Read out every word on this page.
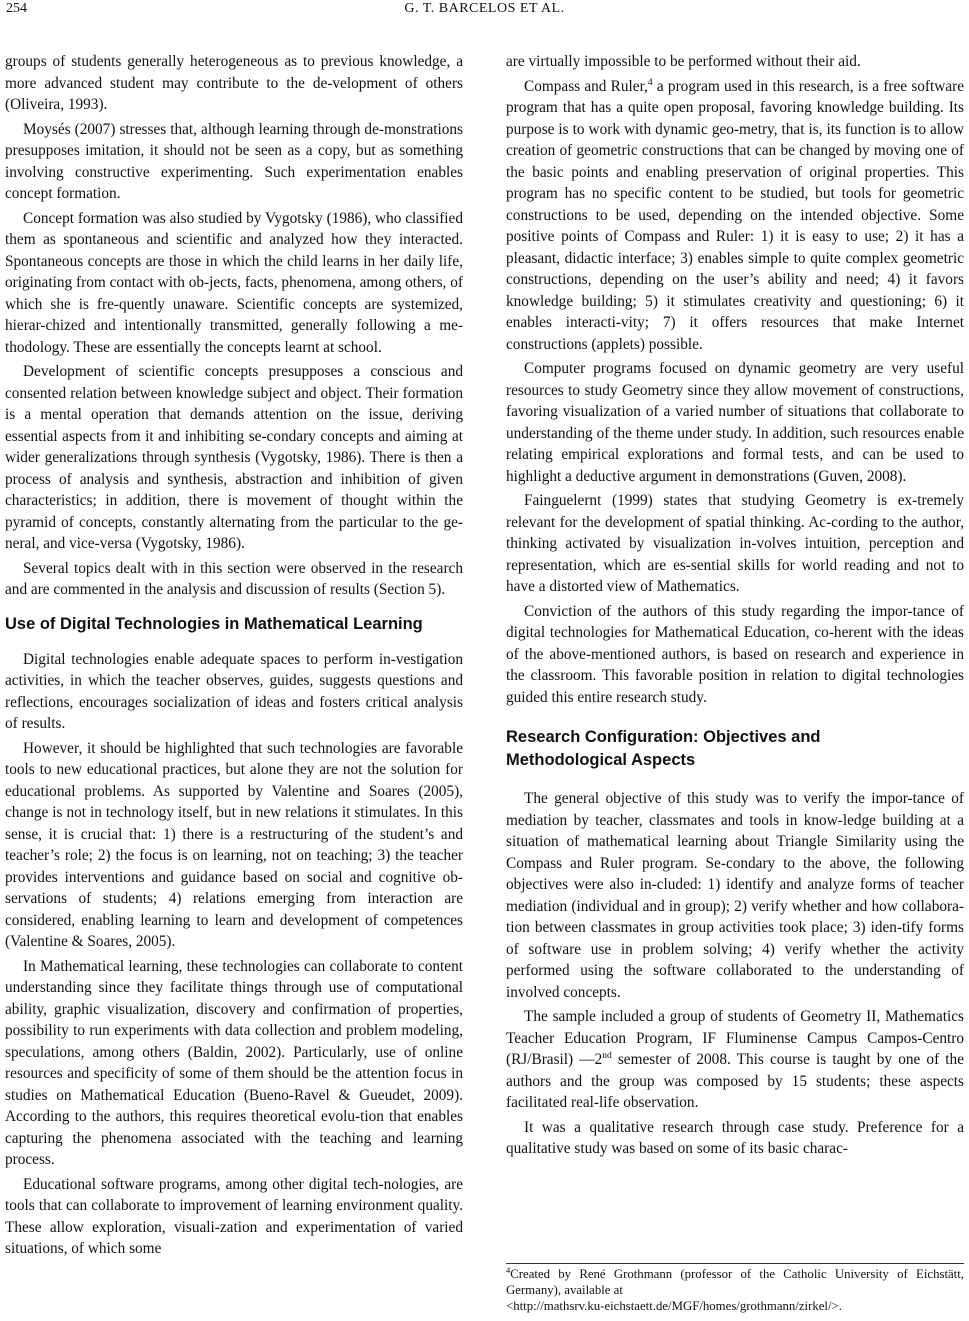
254	G. T. BARCELOS ET AL.

groups of students generally heterogeneous as to previous knowledge, a more advanced student may contribute to the de-velopment of others (Oliveira, 1993).

Moysés (2007) stresses that, although learning through de-monstrations presupposes imitation, it should not be seen as a copy, but as something involving constructive experimenting. Such experimentation enables concept formation.

Concept formation was also studied by Vygotsky (1986), who classified them as spontaneous and scientific and analyzed how they interacted. Spontaneous concepts are those in which the child learns in her daily life, originating from contact with ob-jects, facts, phenomena, among others, of which she is fre-quently unaware. Scientific concepts are systemized, hierar-chized and intentionally transmitted, generally following a me-thodology. These are essentially the concepts learnt at school.

Development of scientific concepts presupposes a conscious and consented relation between knowledge subject and object. Their formation is a mental operation that demands attention on the issue, deriving essential aspects from it and inhibiting se-condary concepts and aiming at wider generalizations through synthesis (Vygotsky, 1986). There is then a process of analysis and synthesis, abstraction and inhibition of given characteristics; in addition, there is movement of thought within the pyramid of concepts, constantly alternating from the particular to the ge-neral, and vice-versa (Vygotsky, 1986).

Several topics dealt with in this section were observed in the research and are commented in the analysis and discussion of results (Section 5).

Use of Digital Technologies in Mathematical Learning

Digital technologies enable adequate spaces to perform in-vestigation activities, in which the teacher observes, guides, suggests questions and reflections, encourages socialization of ideas and fosters critical analysis of results.

However, it should be highlighted that such technologies are favorable tools to new educational practices, but alone they are not the solution for educational problems. As supported by Valentine and Soares (2005), change is not in technology itself, but in new relations it stimulates. In this sense, it is crucial that: 1) there is a restructuring of the student’s and teacher’s role; 2) the focus is on learning, not on teaching; 3) the teacher provides interventions and guidance based on social and cognitive ob-servations of students; 4) relations emerging from interaction are considered, enabling learning to learn and development of competences (Valentine & Soares, 2005).

In Mathematical learning, these technologies can collaborate to content understanding since they facilitate things through use of computational ability, graphic visualization, discovery and confirmation of properties, possibility to run experiments with data collection and problem modeling, speculations, among others (Baldin, 2002). Particularly, use of online resources and specificity of some of them should be the attention focus in studies on Mathematical Education (Bueno-Ravel & Gueudet, 2009). According to the authors, this requires theoretical evolu-tion that enables capturing the phenomena associated with the teaching and learning process.

Educational software programs, among other digital tech-nologies, are tools that can collaborate to improvement of learning environment quality. These allow exploration, visuali-zation and experimentation of varied situations, of which some

are virtually impossible to be performed without their aid.

Compass and Ruler,$^4$ a program used in this research, is a free software program that has a quite open proposal, favoring knowledge building. Its purpose is to work with dynamic geo-metry, that is, its function is to allow creation of geometric constructions that can be changed by moving one of the basic points and enabling preservation of original properties. This program has no specific content to be studied, but tools for geometric constructions to be used, depending on the intended objective. Some positive points of Compass and Ruler: 1) it is easy to use; 2) it has a pleasant, didactic interface; 3) enables simple to quite complex geometric constructions, depending on the user’s ability and need; 4) it favors knowledge building; 5) it stimulates creativity and questioning; 6) it enables interacti-vity; 7) it offers resources that make Internet constructions (applets) possible.

Computer programs focused on dynamic geometry are very useful resources to study Geometry since they allow movement of constructions, favoring visualization of a varied number of situations that collaborate to understanding of the theme under study. In addition, such resources enable relating empirical explorations and formal tests, and can be used to highlight a deductive argument in demonstrations (Guven, 2008).

Fainguelernt (1999) states that studying Geometry is ex-tremely relevant for the development of spatial thinking. Ac-cording to the author, thinking activated by visualization in-volves intuition, perception and representation, which are es-sential skills for world reading and not to have a distorted view of Mathematics.

Conviction of the authors of this study regarding the impor-tance of digital technologies for Mathematical Education, co-herent with the ideas of the above-mentioned authors, is based on research and experience in the classroom. This favorable position in relation to digital technologies guided this entire research study.

Research Configuration: Objectives and
Methodological Aspects

The general objective of this study was to verify the impor-tance of mediation by teacher, classmates and tools in know-ledge building at a situation of mathematical learning about Triangle Similarity using the Compass and Ruler program. Se-condary to the above, the following objectives were also in-cluded: 1) identify and analyze forms of teacher mediation (individual and in group); 2) verify whether and how collabora-tion between classmates in group activities took place; 3) iden-tify forms of software use in problem solving; 4) verify whether the activity performed using the software collaborated to the understanding of involved concepts.

The sample included a group of students of Geometry II, Mathematics Teacher Education Program, IF Fluminense Campus Campos-Centro (RJ/Brasil) —2nd semester of 2008. This course is taught by one of the authors and the group was composed by 15 students; these aspects facilitated real-life observation.

It was a qualitative research through case study. Preference for a qualitative study was based on some of its basic charac-

$^4$Created by René Grothmann (professor of the Catholic University of Eichstätt, Germany), available at
<http://mathsrv.ku-eichstaett.de/MGF/homes/grothmann/zirkel/>.
